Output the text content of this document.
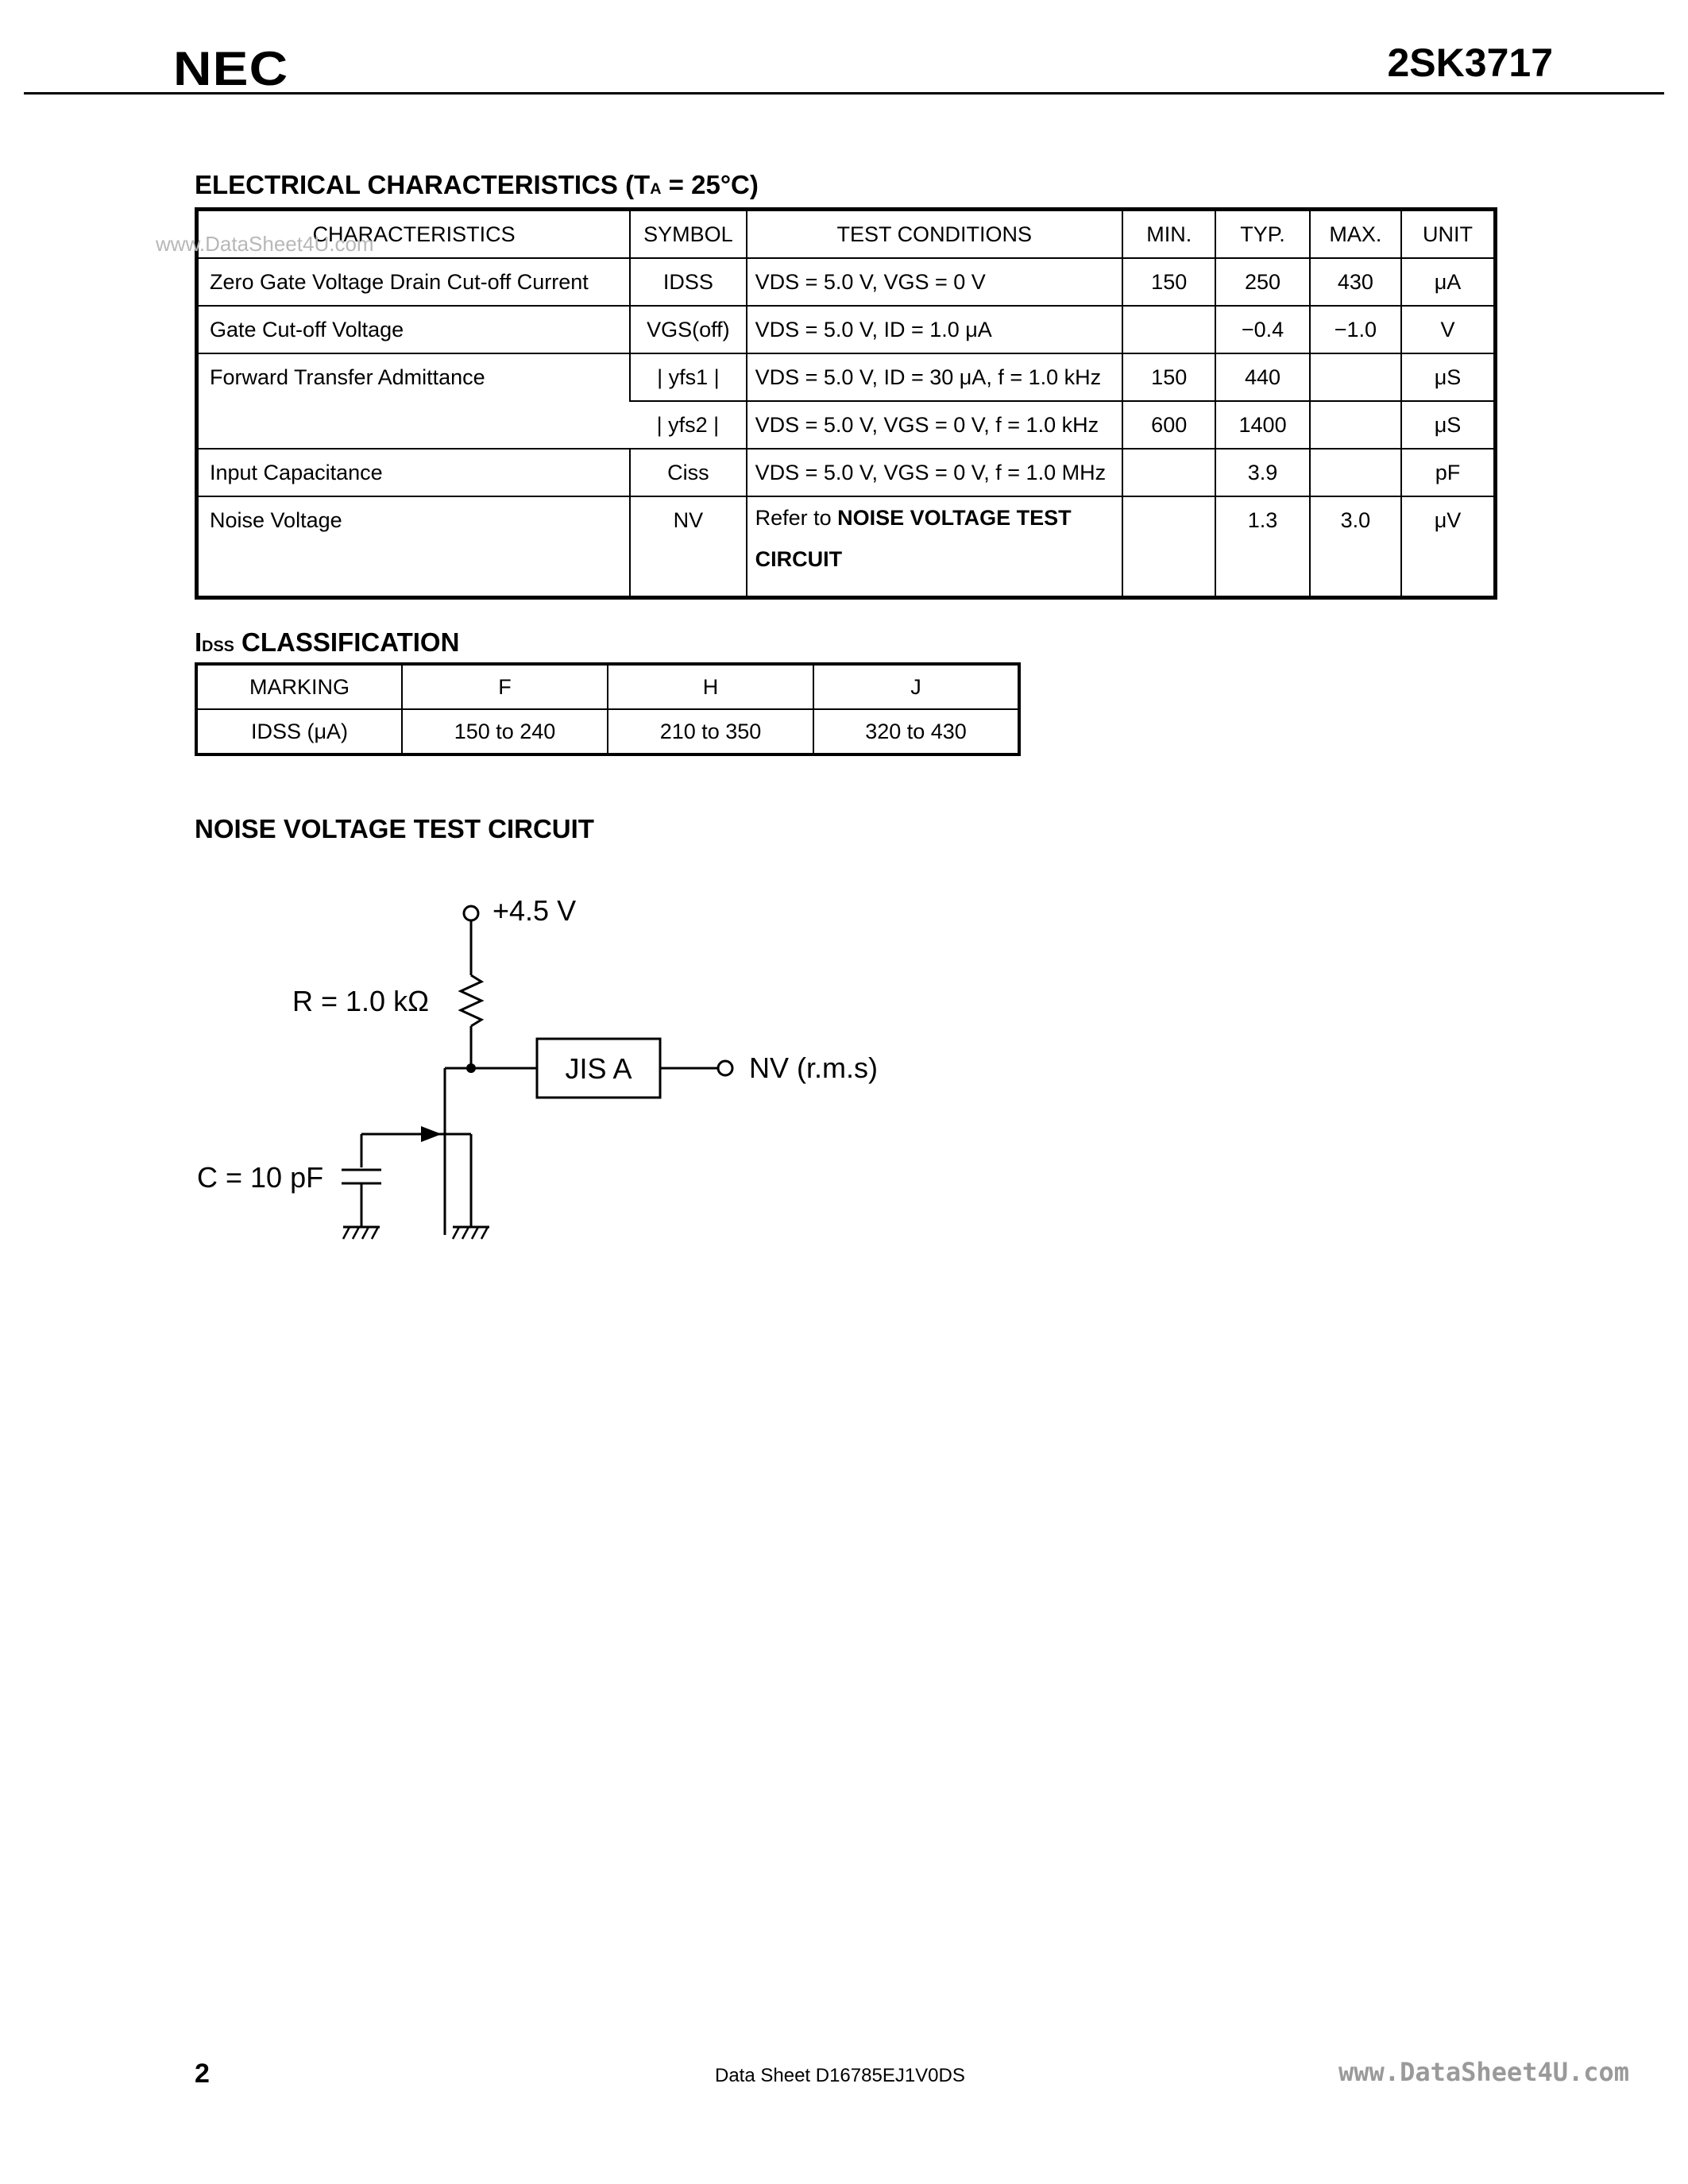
NEC	2SK3717
ELECTRICAL CHARACTERISTICS (TA = 25°C)
CHARACTERISTICS	SYMBOL	TEST CONDITIONS	MIN.	TYP.	MAX.	UNIT
Zero Gate Voltage Drain Cut-off Current	IDSS	VDS = 5.0 V, VGS = 0 V	150	250	430	μA
Gate Cut-off Voltage	VGS(off)	VDS = 5.0 V, ID = 1.0 μA		−0.4	−1.0	V
Forward Transfer Admittance	| yfs1 |	VDS = 5.0 V, ID = 30 μA, f = 1.0 kHz	150	440		μS
	| yfs2 |	VDS = 5.0 V, VGS = 0 V, f = 1.0 kHz	600	1400		μS
Input Capacitance	Ciss	VDS = 5.0 V, VGS = 0 V, f = 1.0 MHz		3.9		pF
Noise Voltage	NV	Refer to NOISE VOLTAGE TEST CIRCUIT		1.3	3.0	μV
www.DataSheet4U.com
IDSS CLASSIFICATION
MARKING	F	H	J
IDSS (μA)	150 to 240	210 to 350	320 to 430
NOISE VOLTAGE TEST CIRCUIT
+4.5 V
R = 1.0 kΩ
JIS A	NV (r.m.s)
C = 10 pF
2	Data Sheet D16785EJ1V0DS	www.DataSheet4U.com
